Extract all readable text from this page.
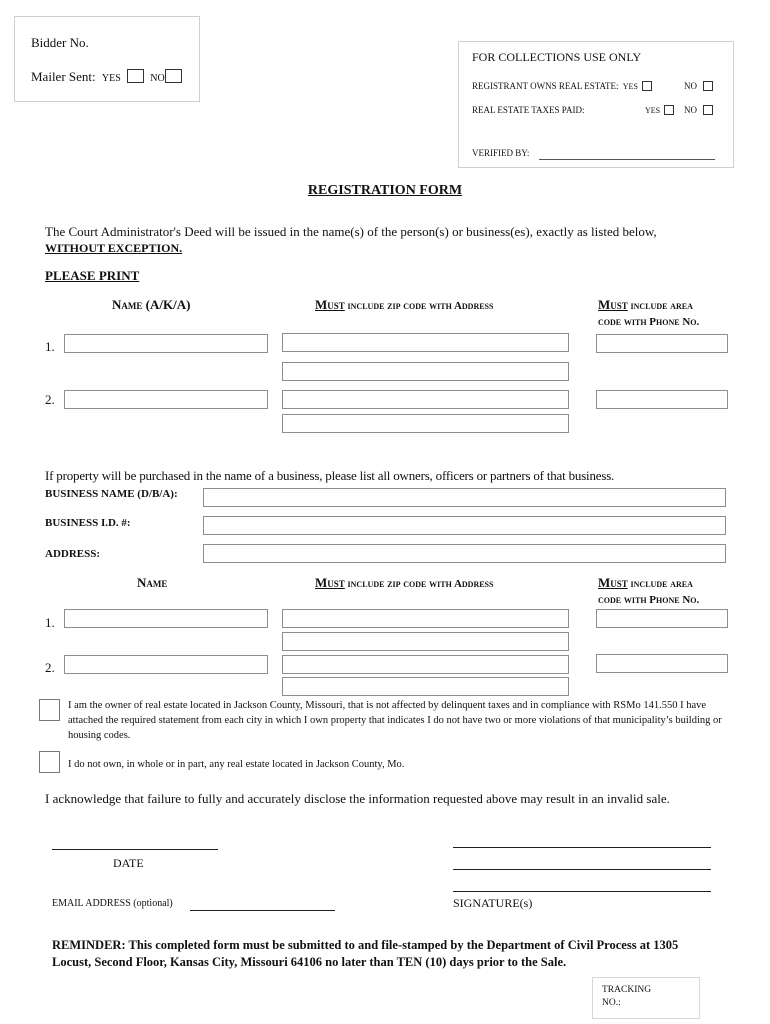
Bidder No.
Mailer Sent: YES	NO
FOR COLLECTIONS USE ONLY
REGISTRANT OWNS REAL ESTATE: YES	NO
REAL ESTATE TAXES PAID:	YES	NO
VERIFIED BY:
REGISTRATION FORM
The Court Administrator's Deed will be issued in the name(s) of the person(s) or business(es), exactly as listed below,
WITHOUT EXCEPTION.
PLEASE PRINT
Name (A/K/A)	Must include zip code with Address	Must include area
code with Phone No.
1.
2.
If property will be purchased in the name of a business, please list all owners, officers or partners of that business.
BUSINESS NAME (D/B/A):
BUSINESS I.D. #:
ADDRESS:
Name	Must include zip code with Address	Must include area
code with Phone No.
1.
2.
I am the owner of real estate located in Jackson County, Missouri, that is not affected by delinquent taxes and in compliance with RSMo 141.550 I have attached the required statement from each city in which I own property that indicates I do not have two or more violations of that municipality’s building or housing codes.
I do not own, in whole or in part, any real estate located in Jackson County, Mo.
I acknowledge that failure to fully and accurately disclose the information requested above may result in an invalid sale.
DATE
EMAIL ADDRESS (optional)	SIGNATURE(s)
REMINDER: This completed form must be submitted to and file-stamped by the Department of Civil Process at 1305 Locust, Second Floor, Kansas City, Missouri 64106 no later than TEN (10) days prior to the Sale.
TRACKING
NO.:
